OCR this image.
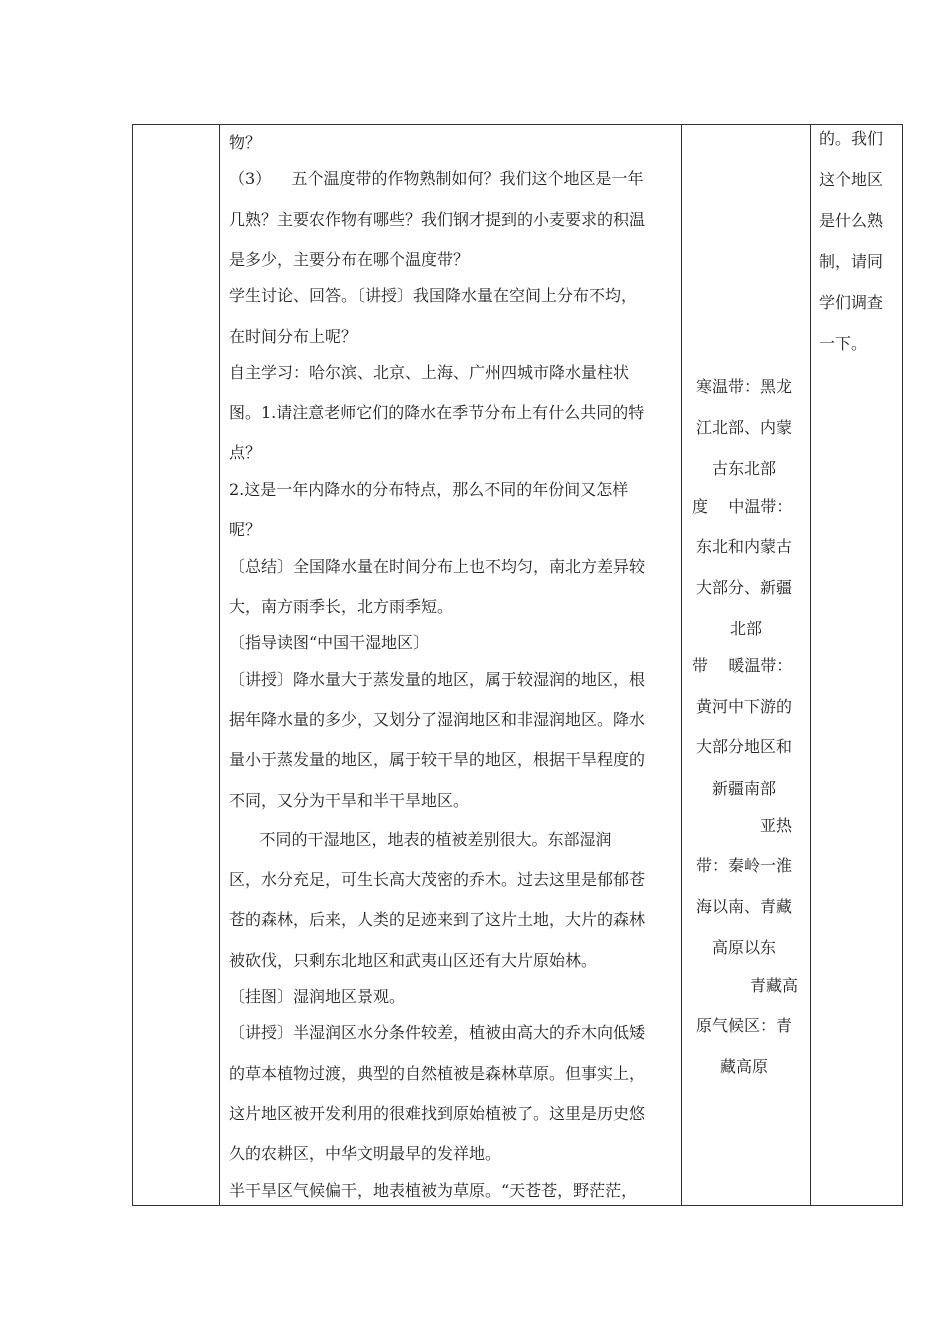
物？
（3）    五个温度带的作物熟制如何？我们这个地区是一年
几熟？主要农作物有哪些？我们钢才提到的小麦要求的积温
是多少，主要分布在哪个温度带？
学生讨论、回答。〔讲授〕我国降水量在空间上分布不均，
在时间分布上呢？
自主学习：哈尔滨、北京、上海、广州四城市降水量柱状
图。1.请注意老师它们的降水在季节分布上有什么共同的特
点？
2.这是一年内降水的分布特点，那么不同的年份间又怎样
呢？
〔总结〕全国降水量在时间分布上也不均匀，南北方差异较
大，南方雨季长，北方雨季短。
〔指导读图“中国干湿地区〕
〔讲授〕降水量大于蒸发量的地区，属于较湿润的地区，根
据年降水量的多少，又划分了湿润地区和非湿润地区。降水
量小于蒸发量的地区，属于较干旱的地区，根据干旱程度的
不同，又分为干旱和半干旱地区。
不同的干湿地区，地表的植被差别很大。东部湿润
区，水分充足，可生长高大茂密的乔木。过去这里是郁郁苍
苍的森林，后来，人类的足迹来到了这片土地，大片的森林
被砍伐，只剩东北地区和武夷山区还有大片原始林。
〔挂图〕湿润地区景观。
〔讲授〕半湿润区水分条件较差，植被由高大的乔木向低矮
的草本植物过渡，典型的自然植被是森林草原。但事实上，
这片地区被开发利用的很难找到原始植被了。这里是历史悠
久的农耕区，中华文明最早的发祥地。
半干旱区气候偏干，地表植被为草原。“天苍苍，野茫茫，
寒温带：黑龙
江北部、内蒙
古东北部
度    中温带：
东北和内蒙古
大部分、新疆
北部
带    暖温带：
黄河中下游的
大部分地区和
新疆南部
亚热
带：秦岭一淮
海以南、青藏
高原以东
青藏高
原气候区：青
藏高原
的。我们
这个地区
是什么熟
制，请同
学们调查
一下。
